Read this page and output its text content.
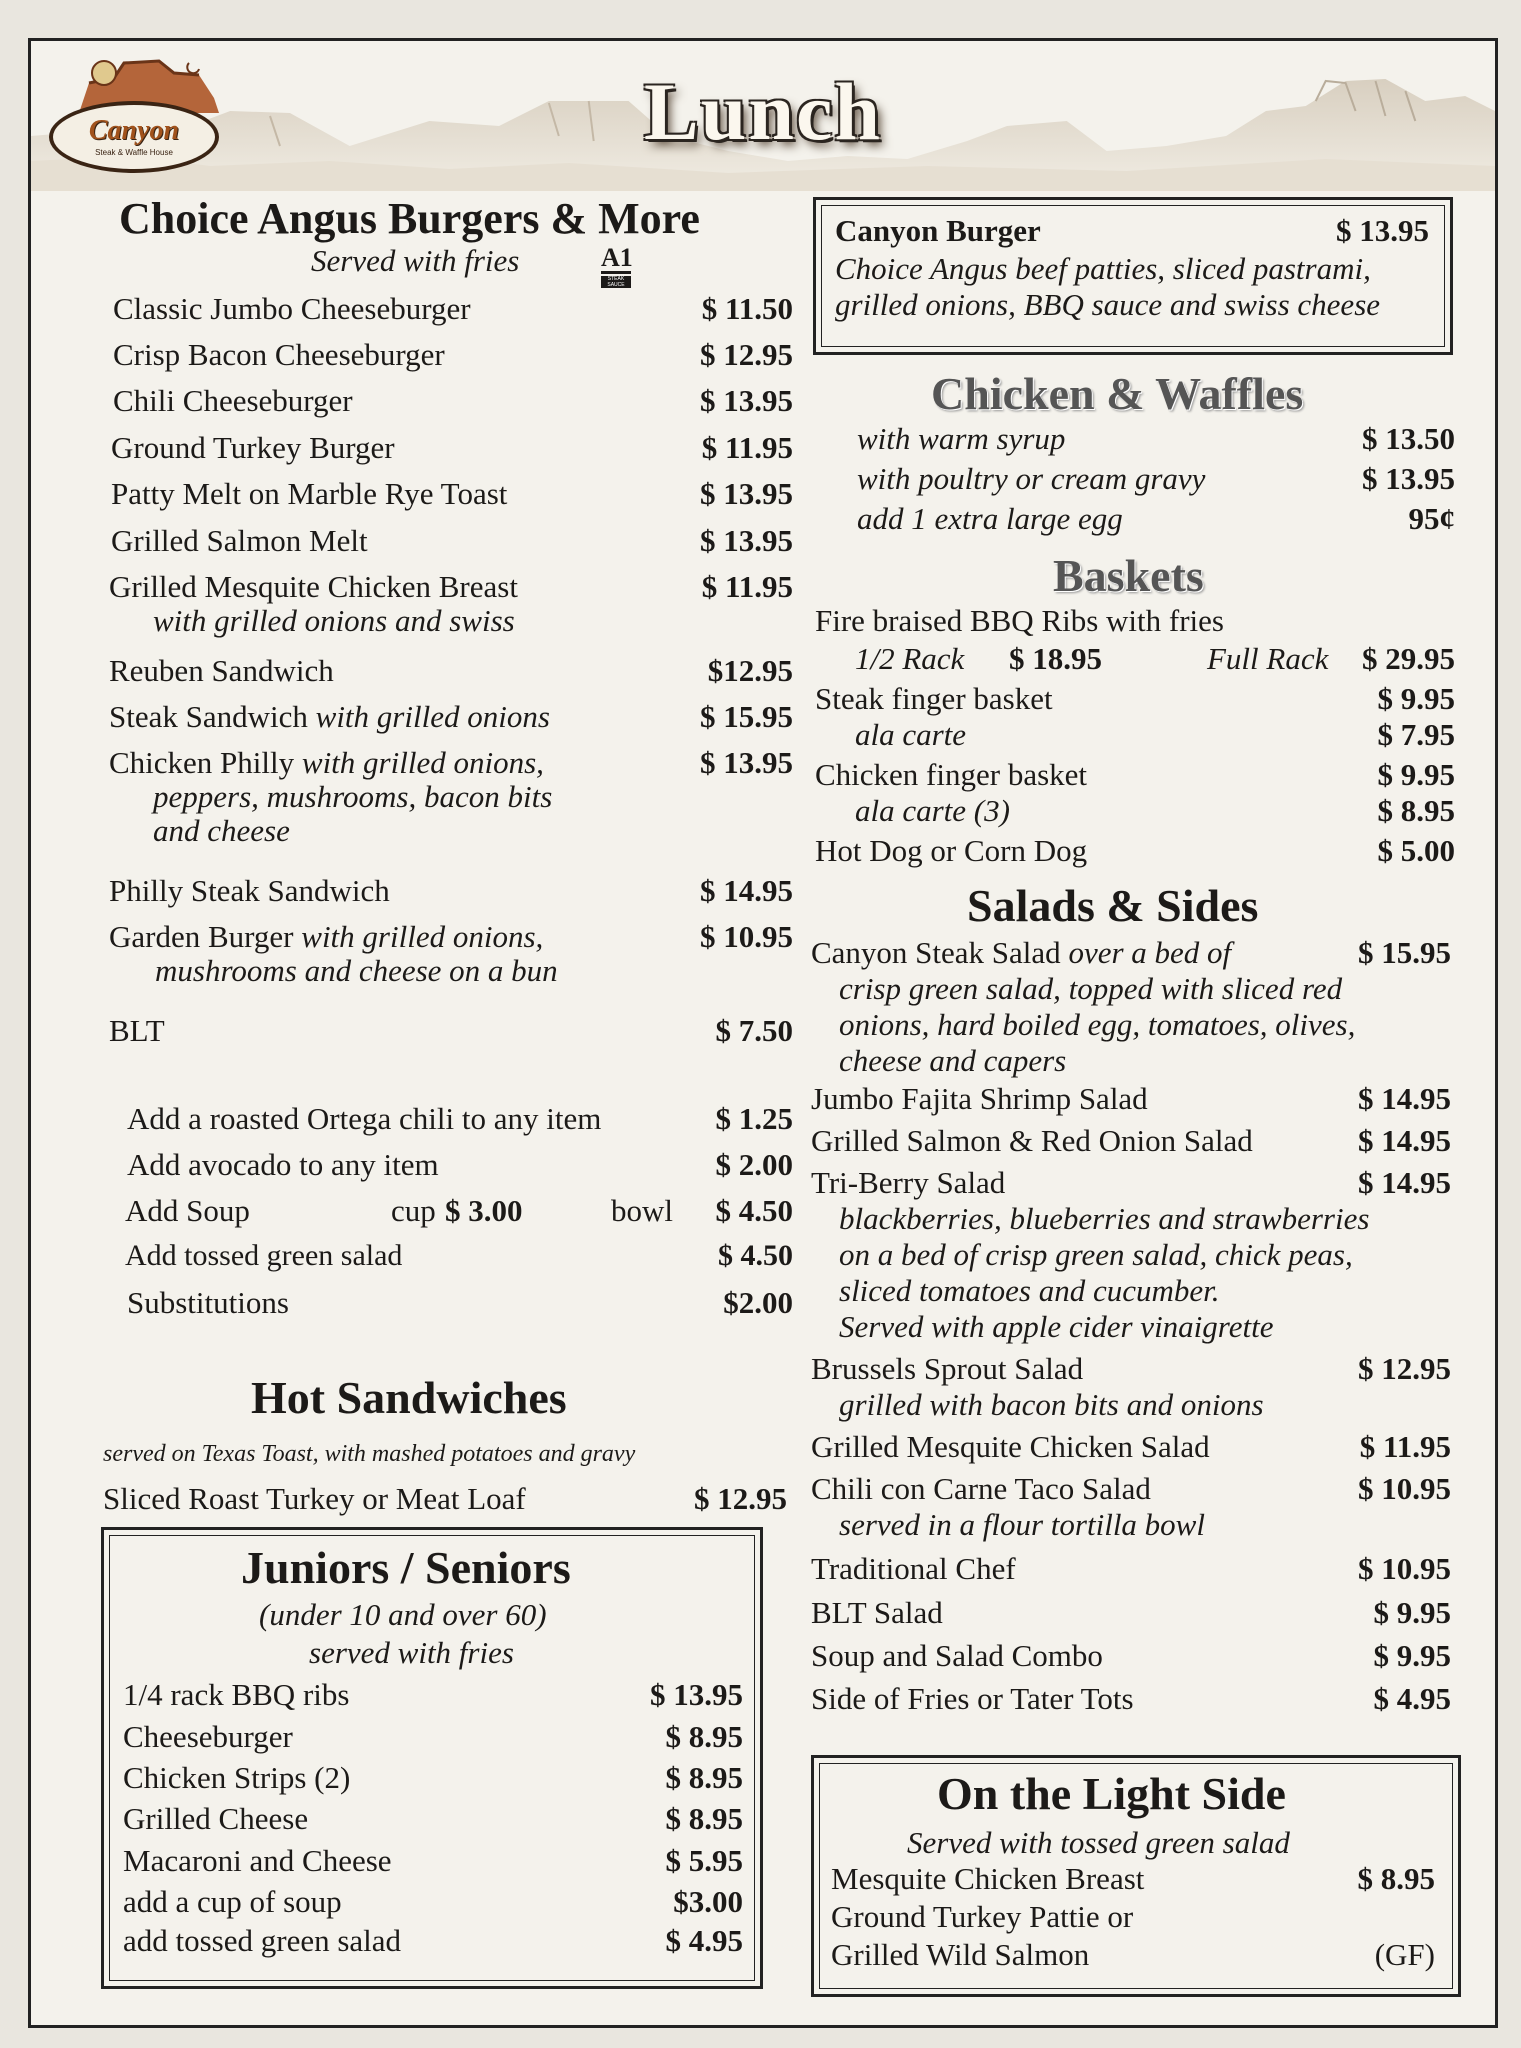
Canyon
Steak & Waffle House	Lunch
Choice Angus Burgers & More
Served with fries	A1
STEAK SAUCE
Classic Jumbo Cheeseburger	$ 11.50
Crisp Bacon Cheeseburger	$ 12.95
Chili Cheeseburger	$ 13.95
Ground Turkey Burger	$ 11.95
Patty Melt on Marble Rye Toast	$ 13.95
Grilled Salmon Melt	$ 13.95
Grilled Mesquite Chicken Breast	$ 11.95
with grilled onions and swiss
Reuben Sandwich	$12.95
Steak Sandwich with grilled onions	$ 15.95
Chicken Philly with grilled onions,	$ 13.95
peppers, mushrooms, bacon bits
and cheese
Philly Steak Sandwich	$ 14.95
Garden Burger with grilled onions,	$ 10.95
mushrooms and cheese on a bun
BLT	$ 7.50
Add a roasted Ortega chili to any item	$ 1.25
Add avocado to any item	$ 2.00
Add Soup	cup $ 3.00	bowl $ 4.50
Add tossed green salad	$ 4.50
Substitutions	$2.00
Hot Sandwiches
served on Texas Toast, with mashed potatoes and gravy
Sliced Roast Turkey or Meat Loaf	$ 12.95
Juniors / Seniors
(under 10 and over 60)
served with fries
1/4 rack BBQ ribs	$ 13.95
Cheeseburger	$ 8.95
Chicken Strips (2)	$ 8.95
Grilled Cheese	$ 8.95
Macaroni and Cheese	$ 5.95
add a cup of soup	$3.00
add tossed green salad	$ 4.95
Canyon Burger	$ 13.95
Choice Angus beef patties, sliced pastrami,
grilled onions, BBQ sauce and swiss cheese
Chicken & Waffles
with warm syrup	$ 13.50
with poultry or cream gravy	$ 13.95
add 1 extra large egg	95¢
Baskets
Fire braised BBQ Ribs with fries
1/2 Rack $ 18.95	Full Rack $ 29.95
Steak finger basket	$ 9.95
ala carte	$ 7.95
Chicken finger basket	$ 9.95
ala carte (3)	$ 8.95
Hot Dog or Corn Dog	$ 5.00
Salads & Sides
Canyon Steak Salad over a bed of	$ 15.95
crisp green salad, topped with sliced red
onions, hard boiled egg, tomatoes, olives,
cheese and capers
Jumbo Fajita Shrimp Salad	$ 14.95
Grilled Salmon & Red Onion Salad	$ 14.95
Tri-Berry Salad	$ 14.95
blackberries, blueberries and strawberries
on a bed of crisp green salad, chick peas,
sliced tomatoes and cucumber.
Served with apple cider vinaigrette
Brussels Sprout Salad	$ 12.95
grilled with bacon bits and onions
Grilled Mesquite Chicken Salad	$ 11.95
Chili con Carne Taco Salad	$ 10.95
served in a flour tortilla bowl
Traditional Chef	$ 10.95
BLT Salad	$ 9.95
Soup and Salad Combo	$ 9.95
Side of Fries or Tater Tots	$ 4.95
On the Light Side
Served with tossed green salad
Mesquite Chicken Breast	$ 8.95
Ground Turkey Pattie or
Grilled Wild Salmon	(GF)
